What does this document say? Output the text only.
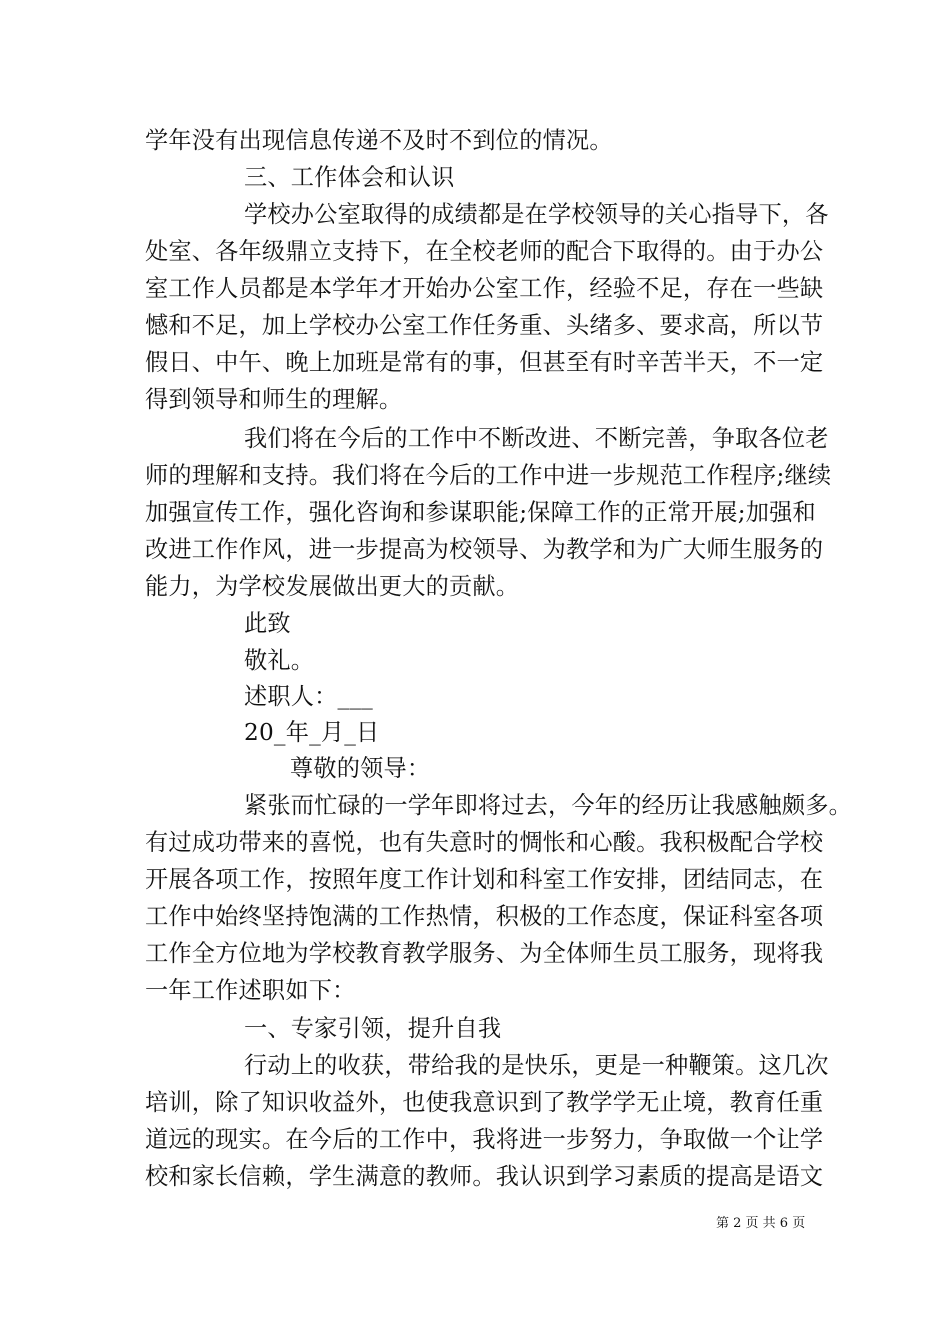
学年没有出现信息传递不及时不到位的情况。
三、工作体会和认识
学校办公室取得的成绩都是在学校领导的关心指导下，各
处室、各年级鼎立支持下，在全校老师的配合下取得的。由于办公
室工作人员都是本学年才开始办公室工作，经验不足，存在一些缺
憾和不足，加上学校办公室工作任务重、头绪多、要求高，所以节
假日、中午、晚上加班是常有的事，但甚至有时辛苦半天，不一定
得到领导和师生的理解。
我们将在今后的工作中不断改进、不断完善，争取各位老
师的理解和支持。我们将在今后的工作中进一步规范工作程序;继续
加强宣传工作，强化咨询和参谋职能;保障工作的正常开展;加强和
改进工作作风，进一步提高为校领导、为教学和为广大师生服务的
能力，为学校发展做出更大的贡献。
此致
敬礼。
述职人：___
20_年_月_日
尊敬的领导：
紧张而忙碌的一学年即将过去，今年的经历让我感触颇多。
有过成功带来的喜悦，也有失意时的惆怅和心酸。我积极配合学校
开展各项工作，按照年度工作计划和科室工作安排，团结同志，在
工作中始终坚持饱满的工作热情，积极的工作态度，保证科室各项
工作全方位地为学校教育教学服务、为全体师生员工服务，现将我
一年工作述职如下：
一、专家引领，提升自我
行动上的收获，带给我的是快乐，更是一种鞭策。这几次
培训，除了知识收益外，也使我意识到了教学学无止境，教育任重
道远的现实。在今后的工作中，我将进一步努力，争取做一个让学
校和家长信赖，学生满意的教师。我认识到学习素质的提高是语文
第 2 页 共 6 页
